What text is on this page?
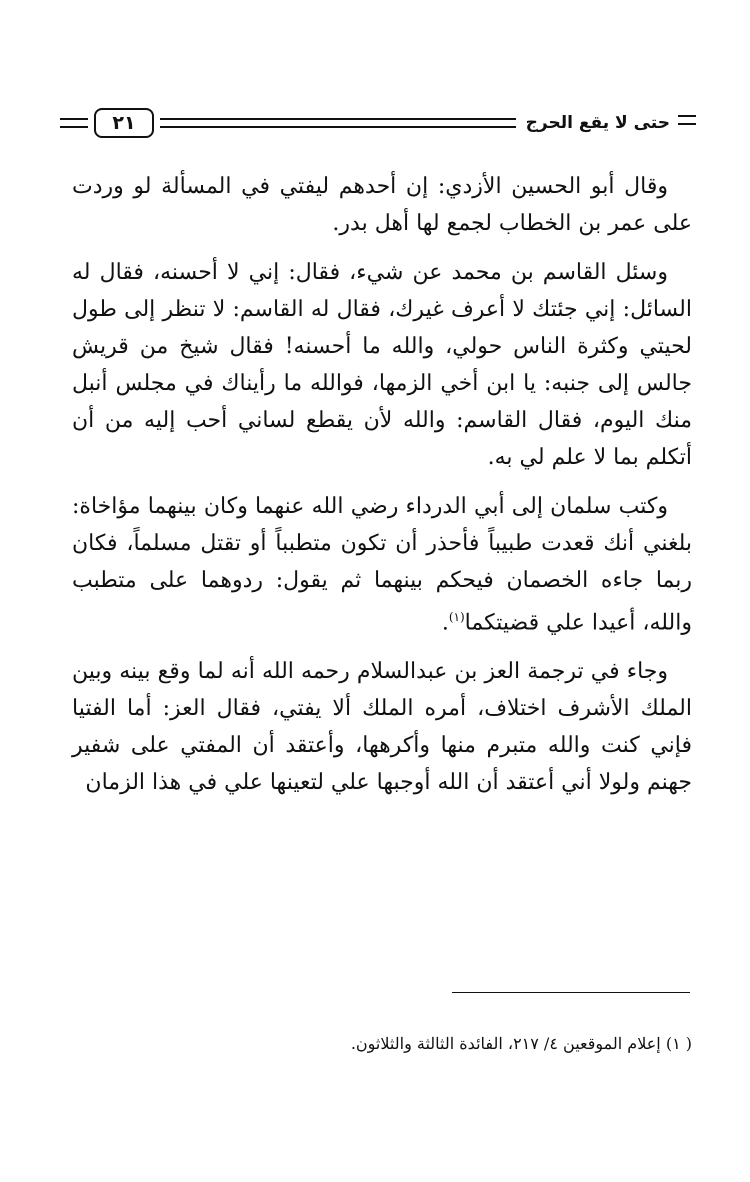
حتى لا يقع الحرج
٢١

وقال أبو الحسين الأزدي: إن أحدهم ليفتي في المسألة لو وردت على عمر بن الخطاب لجمع لها أهل بدر.

وسئل القاسم بن محمد عن شيء، فقال: إني لا أحسنه، فقال له السائل: إني جئتك لا أعرف غيرك، فقال له القاسم: لا تنظر إلى طول لحيتي وكثرة الناس حولي، والله ما أحسنه! فقال شيخ من قريش جالس إلى جنبه: يا ابن أخي الزمها، فوالله ما رأيناك في مجلس أنبل منك اليوم، فقال القاسم: والله لأن يقطع لساني أحب إليه من أن أتكلم بما لا علم لي به.

وكتب سلمان إلى أبي الدرداء رضي الله عنهما وكان بينهما مؤاخاة: بلغني أنك قعدت طبيباً فأحذر أن تكون متطبباً أو تقتل مسلماً، فكان ربما جاءه الخصمان فيحكم بينهما ثم يقول: ردوهما على متطبب والله، أعيدا علي قضيتكما$^{(١)}$.

وجاء في ترجمة العز بن عبدالسلام رحمه الله أنه لما وقع بينه وبين الملك الأشرف اختلاف، أمره الملك ألا يفتي، فقال العز: أما الفتيا فإني كنت والله متبرم منها وأكرهها، وأعتقد أن المفتي على شفير جهنم ولولا أني أعتقد أن الله أوجبها علي لتعينها علي في هذا الزمان

( ١) إعلام الموقعين ٤/ ٢١٧، الفائدة الثالثة والثلاثون.
